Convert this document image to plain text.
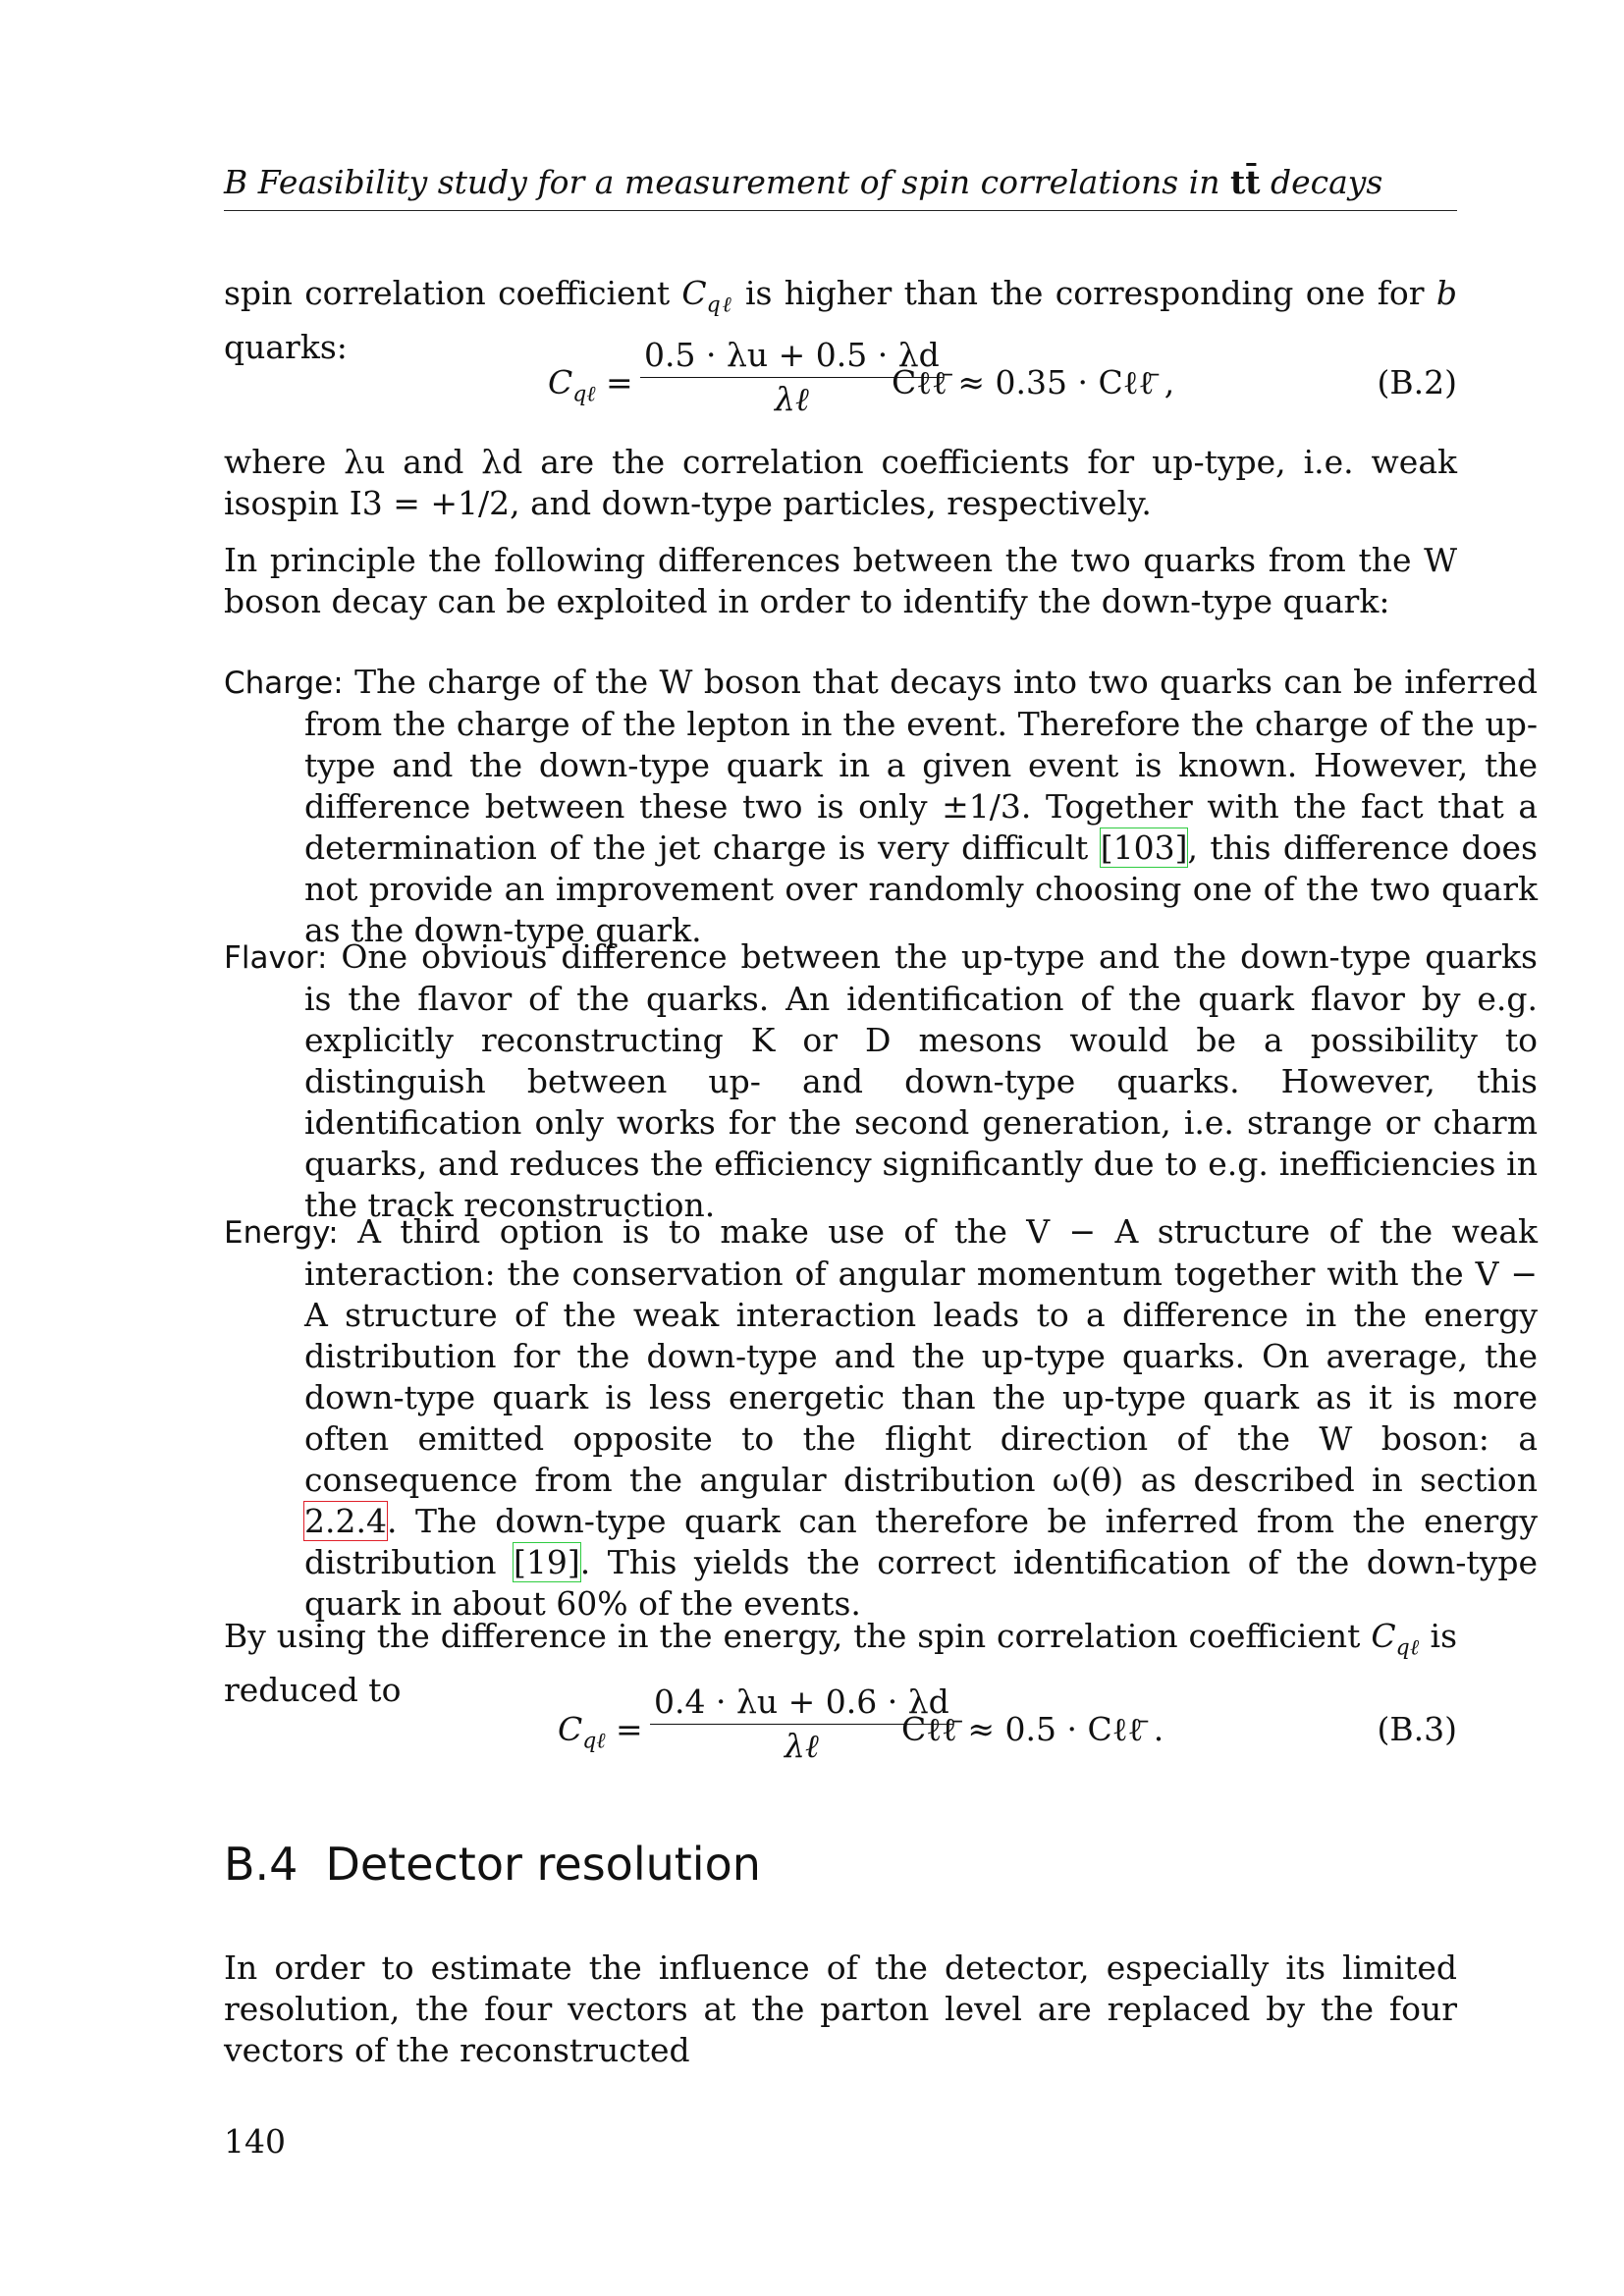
B Feasibility study for a measurement of spin correlations in tt̄ decays
spin correlation coefficient $C_{q\ell}$ is higher than the corresponding one for b quarks:
$C_{q\ell}$ =
0.5 · λu + 0.5 · λd
λℓ	Cℓℓ̄ ≈ 0.35 · Cℓℓ̄ ,	(B.2)
where λu and λd are the correlation coefficients for up-type, i.e. weak isospin I3 = +1/2, and down-type particles, respectively.
In principle the following differences between the two quarks from the W boson decay can be exploited in order to identify the down-type quark:
Charge: The charge of the W boson that decays into two quarks can be inferred from the charge of the lepton in the event. Therefore the charge of the up-type and the down-type quark in a given event is known. However, the difference between these two is only ±1/3. Together with the fact that a determination of the jet charge is very difficult [103], this difference does not provide an improvement over randomly choosing one of the two quark as the down-type quark.
Flavor: One obvious difference between the up-type and the down-type quarks is the flavor of the quarks. An identification of the quark flavor by e.g. explicitly reconstructing K or D mesons would be a possibility to distinguish between up- and down-type quarks. However, this identification only works for the second generation, i.e. strange or charm quarks, and reduces the efficiency significantly due to e.g. inefficiencies in the track reconstruction.
Energy: A third option is to make use of the V − A structure of the weak interaction: the conservation of angular momentum together with the V − A structure of the weak interaction leads to a difference in the energy distribution for the down-type and the up-type quarks. On average, the down-type quark is less energetic than the up-type quark as it is more often emitted opposite to the flight direction of the W boson: a consequence from the angular distribution ω(θ) as described in section 2.2.4. The down-type quark can therefore be inferred from the energy distribution [19]. This yields the correct identification of the down-type quark in about 60% of the events.
By using the difference in the energy, the spin correlation coefficient $C_{q\ell}$ is reduced to
$C_{q\ell}$ =
0.4 · λu + 0.6 · λd
λℓ	Cℓℓ̄ ≈ 0.5 · Cℓℓ̄ .	(B.3)
B.4 Detector resolution
In order to estimate the influence of the detector, especially its limited resolution, the four vectors at the parton level are replaced by the four vectors of the reconstructed
140
